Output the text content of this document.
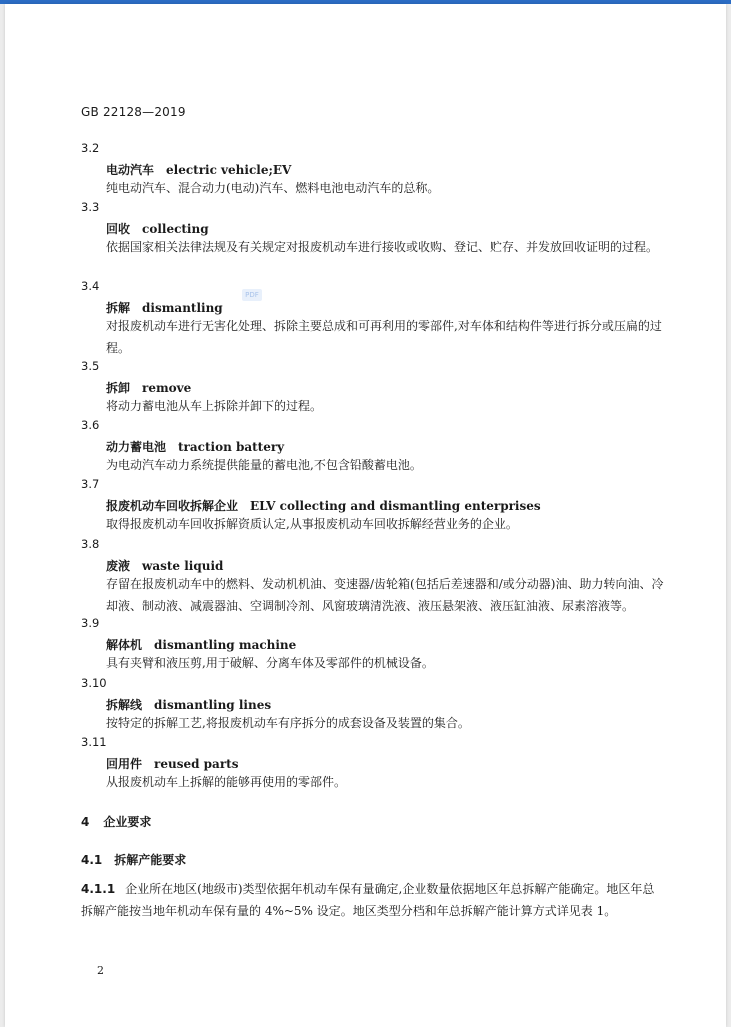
GB 22128—2019
PDF
3.2
电动汽车 electric vehicle;EV
纯电动汽车、混合动力(电动)汽车、燃料电池电动汽车的总称。
3.3
回收 collecting
依据国家相关法律法规及有关规定对报废机动车进行接收或收购、登记、贮存、并发放回收证明的过程。
3.4
拆解 dismantling
对报废机动车进行无害化处理、拆除主要总成和可再利用的零部件,对车体和结构件等进行拆分或压扁的过程。
3.5
拆卸 remove
将动力蓄电池从车上拆除并卸下的过程。
3.6
动力蓄电池 traction battery
为电动汽车动力系统提供能量的蓄电池,不包含铅酸蓄电池。
3.7
报废机动车回收拆解企业 ELV collecting and dismantling enterprises
取得报废机动车回收拆解资质认定,从事报废机动车回收拆解经营业务的企业。
3.8
废液 waste liquid
存留在报废机动车中的燃料、发动机机油、变速器/齿轮箱(包括后差速器和/或分动器)油、助力转向油、冷却液、制动液、减震器油、空调制冷剂、风窗玻璃清洗液、液压悬架液、液压缸油液、尿素溶液等。
3.9
解体机 dismantling machine
具有夹臂和液压剪,用于破解、分离车体及零部件的机械设备。
3.10
拆解线 dismantling lines
按特定的拆解工艺,将报废机动车有序拆分的成套设备及装置的集合。
3.11
回用件 reused parts
从报废机动车上拆解的能够再使用的零部件。
4 企业要求
4.1 拆解产能要求
4.1.1 企业所在地区(地级市)类型依据年机动车保有量确定,企业数量依据地区年总拆解产能确定。地区年总拆解产能按当地年机动车保有量的 4%~5% 设定。地区类型分档和年总拆解产能计算方式详见表 1。
2
